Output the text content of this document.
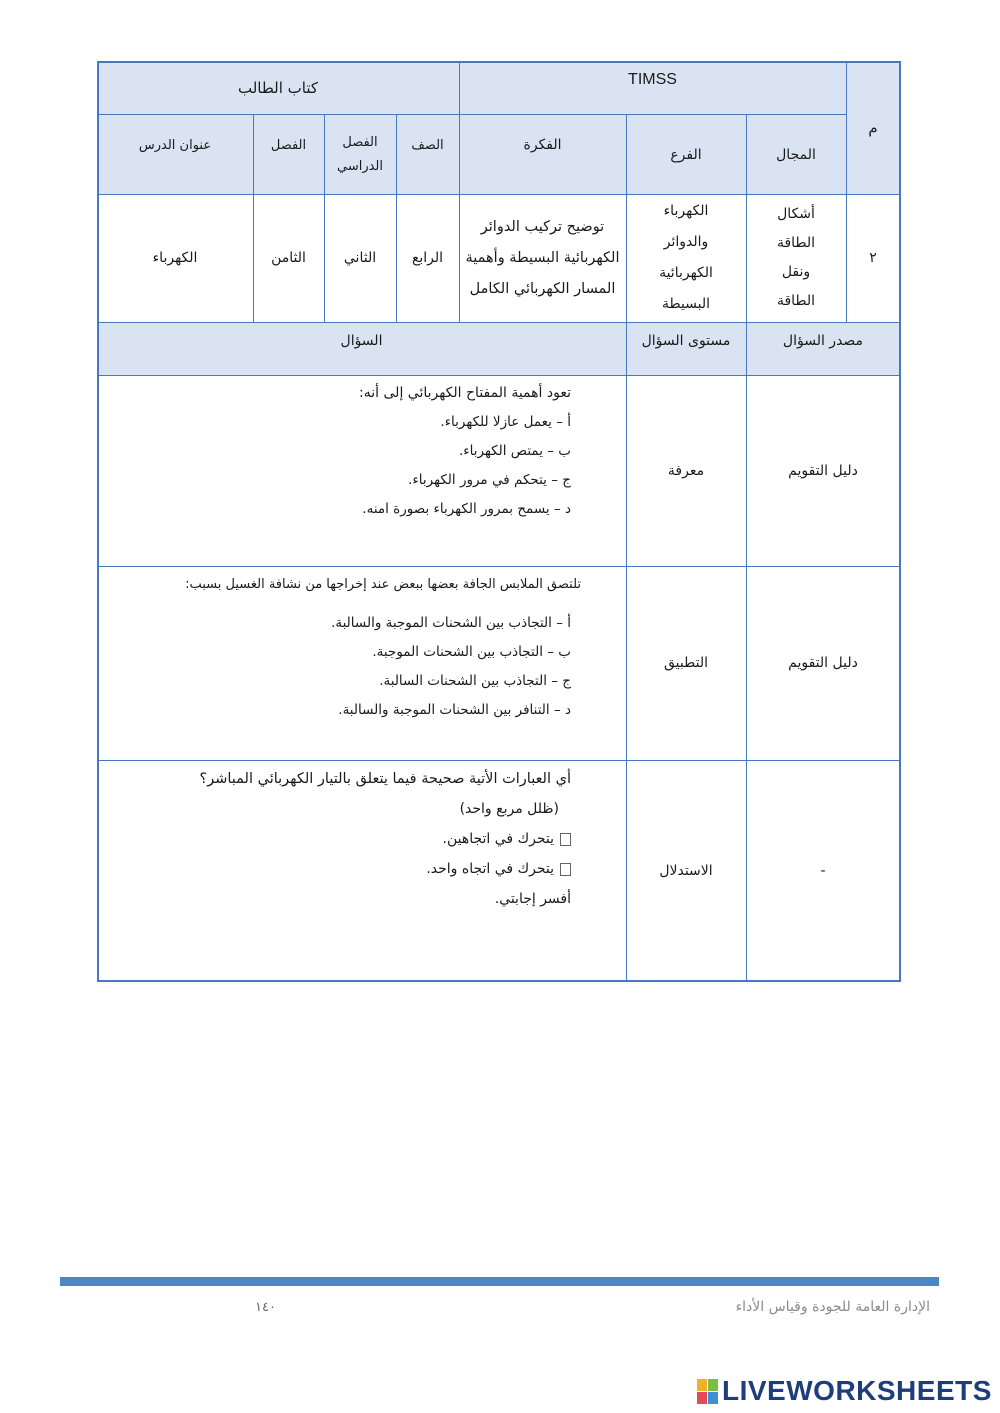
كتاب الطالب	TIMSS
م
المجال
الفرع
الفكرة
الصف
الفصل الدراسي
الفصل
عنوان الدرس
٢
أشكال الطاقة ونقل الطاقة
الكهرباء والدوائر الكهربائية البسيطة
توضيح تركيب الدوائر الكهربائية البسيطة وأهمية المسار الكهربائي الكامل
الرابع
الثاني
الثامن
الكهرباء
مصدر السؤال
مستوى السؤال
السؤال
دليل التقويم
معرفة
تعود أهمية المفتاح الكهربائي إلى أنه:
أ – يعمل عازلا للكهرباء.
ب – يمتص الكهرباء.
ج – يتحكم في مرور الكهرباء.
د – يسمح بمرور الكهرباء بصورة امنه.
دليل التقويم
التطبيق
تلتصق الملابس الجافة بعضها ببعض عند إخراجها من نشافة الغسيل بسبب:
أ – التجاذب بين الشحنات الموجبة والسالبة.
ب – التجاذب بين الشحنات الموجبة.
ج – التجاذب بين الشحنات السالبة.
د – التنافر بين الشحنات الموجبة والسالبة.
-
الاستدلال
أي العبارات الأتية صحيحة فيما يتعلق بالتيار الكهربائي المباشر؟
(ظلل مربع واحد)
يتحرك في اتجاهين.
يتحرك في اتجاه واحد.
أفسر إجابتي.
١٤٠	الإدارة العامة للجودة وقياس الأداء
LIVEWORKSHEETS
